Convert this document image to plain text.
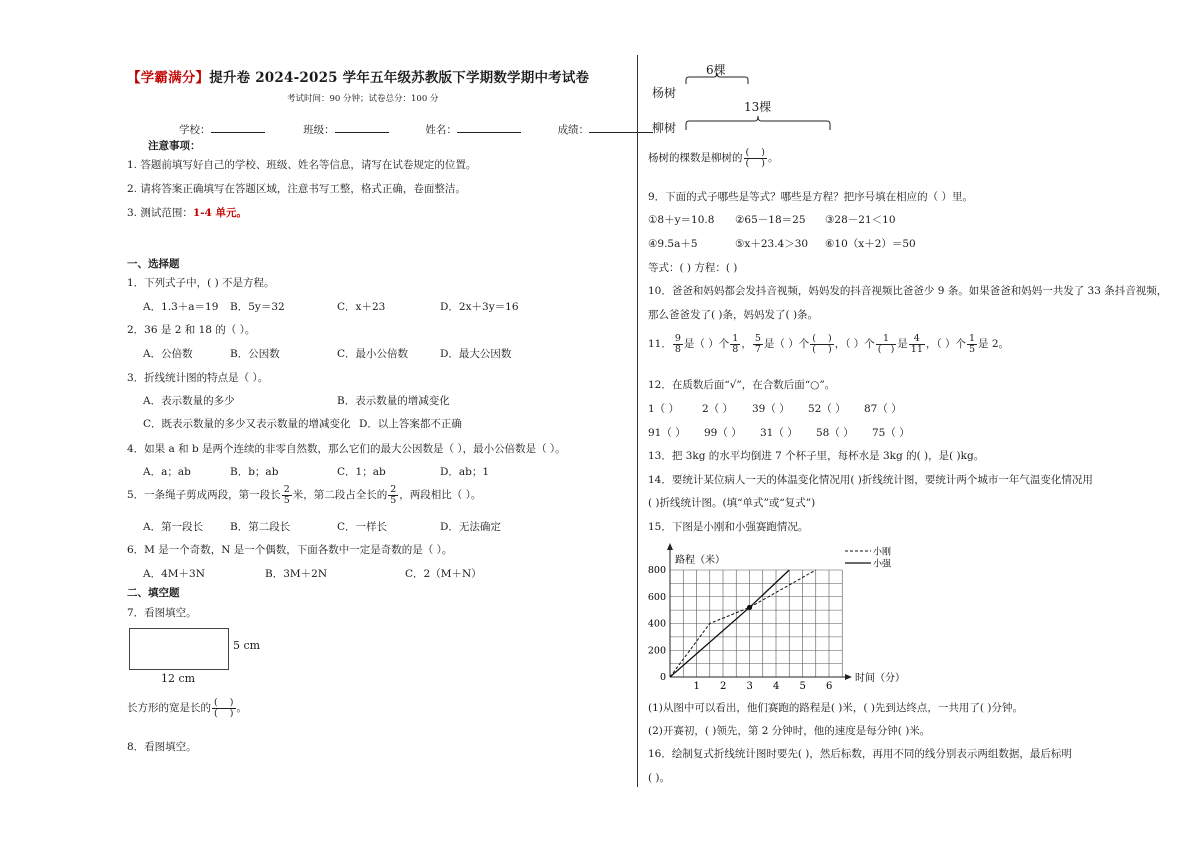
【学霸满分】提升卷 2024-2025 学年五年级苏教版下学期数学期中考试卷
考试时间：90 分钟；试卷总分：100 分
学校：	班级：	姓名：	成绩：
注意事项：
1. 答题前填写好自己的学校、班级、姓名等信息，请写在试卷规定的位置。
2. 请将答案正确填写在答题区域，注意书写工整，格式正确，卷面整洁。
3. 测试范围：1-4 单元。
一、选择题
1．下列式子中，( ) 不是方程。
A．1.3＋a＝19 B．5y＝32	C．x＋23	D．2x＋3y＝16
2．36 是 2 和 18 的（ ）。
A．公倍数	B．公因数	C．最小公倍数	D．最大公因数
3．折线统计图的特点是（ ）。
A．表示数量的多少	B．表示数量的增减变化
C．既表示数量的多少又表示数量的增减变化 D．以上答案都不正确
4．如果 a 和 b 是两个连续的非零自然数，那么它们的最大公因数是（ ），最小公倍数是（ ）。
A．a；ab	B．b；ab	C．1；ab	D．ab；1
5．一条绳子剪成两段，第一段长 $\frac{2}{5}$ 米，第二段占全长的 $\frac{2}{5}$ ，两段相比（ ）。
A．第一段长	B．第二段长	C．一样长	D．无法确定
6．M 是一个奇数，N 是一个偶数，下面各数中一定是奇数的是（ ）。
A．4M＋3N	B．3M＋2N	C．2（M＋N）
二、填空题
7．看图填空。
5 cm
12 cm
长方形的宽是长的 $\frac{( )}{( )}$ 。
8．看图填空。
6棵
杨树
13棵
柳树
杨树的棵数是柳树的 $\frac{( )}{( )}$ 。
9．下面的式子哪些是等式？哪些是方程？把序号填在相应的（ ）里。
①8＋y＝10.8 ②65－18＝25 ③28－21＜10
④9.5a＋5	⑤x＋23.4＞30 ⑥10（x＋2）＝50
等式：( ) 方程：( )
10．爸爸和妈妈都会发抖音视频，妈妈发的抖音视频比爸爸少 9 条。如果爸爸和妈妈一共发了 33 条抖音视频，
那么爸爸发了( )条，妈妈发了( )条。
11． $\frac{9}{8}$ 是（ ）个 $\frac{1}{8}$ ， $\frac{5}{7}$ 是（ ）个 $\frac{( )}{( )}$ ，（ ）个 $\frac{1}{( )}$ 是 $\frac{4}{11}$ ，（ ）个 $\frac{1}{5}$ 是 2。
12．在质数后面“√”，在合数后面“○”。
1（ ） 2（ ） 39（ ） 52（ ） 87（ ）
91（ ） 99（ ） 31（ ） 58（ ） 75（ ）
13．把 3kg 的水平均倒进 7 个杯子里，每杯水是 3kg 的( )，是( )kg。
14．要统计某位病人一天的体温变化情况用( )折线统计图，要统计两个城市一年气温变化情况用
( )折线统计图。(填“单式”或“复式”)
15．下图是小刚和小强赛跑情况。
1 2 3 4 5 6
0
200
400
600
800
路程（米）
时间（分）
小刚
小强
(1)从图中可以看出，他们赛跑的路程是( )米，( )先到达终点，一共用了( )分钟。
(2)开赛初，( )领先，第 2 分钟时，他的速度是每分钟( )米。
16．绘制复式折线统计图时要先( )，然后标数，再用不同的线分别表示两组数据，最后标明
( )。
